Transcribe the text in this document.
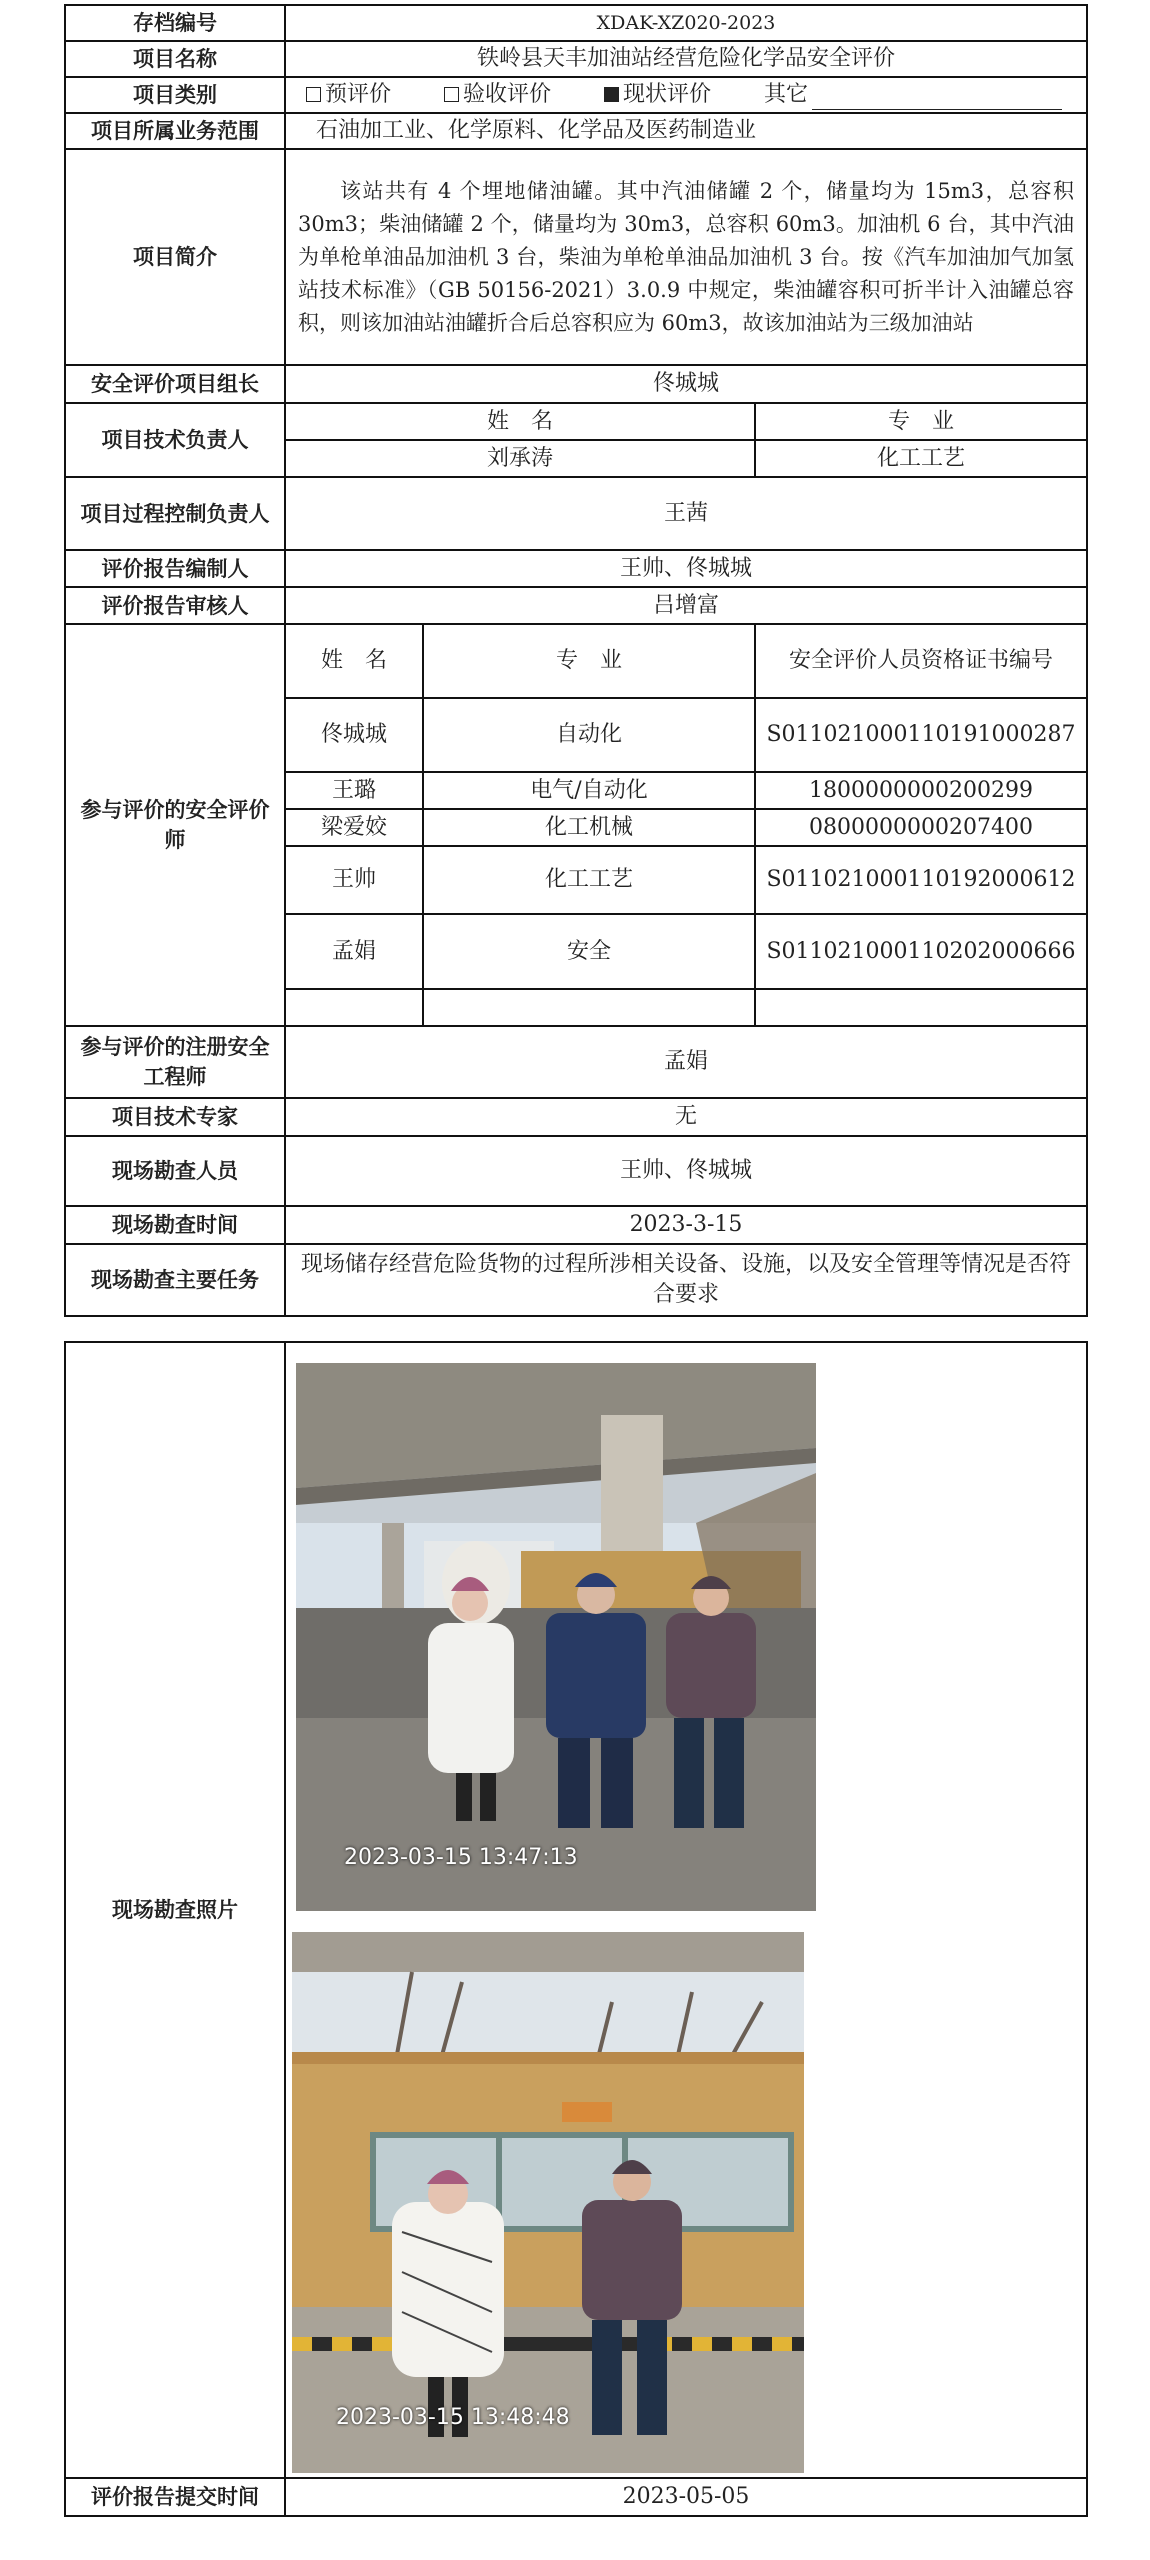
存档编号	XDAK-XZ020-2023		
项目名称	铁岭县天丰加油站经营危险化学品安全评价		
项目类别	预评价 验收评价 现状评价 其它		
项目所属业务范围	石油加工业、化学原料、化学品及医药制造业		
项目简介	该站共有 4 个埋地储油罐。其中汽油储罐 2 个，储量均为 15m3，总容积 30m3；柴油储罐 2 个，储量均为 30m3，总容积 60m3。加油机 6 台，其中汽油为单枪单油品加油机 3 台，柴油为单枪单油品加油机 3 台。按《汽车加油加气加氢站技术标准》（GB 50156-2021）3.0.9 中规定，柴油罐容积可折半计入油罐总容积，则该加油站油罐折合后总容积应为 60m3，故该加油站为三级加油站		

安全评价项目组长	佟城城		
项目技术负责人	姓　名		专　业
	刘承涛		化工工艺
项目过程控制负责人	王茜		
评价报告编制人	王帅、佟城城		
评价报告审核人	吕增富		
参与评价的安全评价师	姓　名	专　业	安全评价人员资格证书编号
	佟城城	自动化	S011021000110191000287
	王璐	电气/自动化	1800000000200299
	梁爱姣	化工机械	0800000000207400
	王帅	化工工艺	S011021000110192000612
	孟娟	安全	S011021000110202000666

参与评价的注册安全工程师	孟娟		
项目技术专家	无		
现场勘查人员	王帅、佟城城		
现场勘查时间	2023-3-15		
现场勘查主要任务	现场储存经营危险货物的过程所涉相关设备、设施，以及安全管理等情况是否符合要求		
现场勘查照片	2023-03-15 13:47:13
2023-03-15 13:48:48

评价报告提交时间	2023-05-05
